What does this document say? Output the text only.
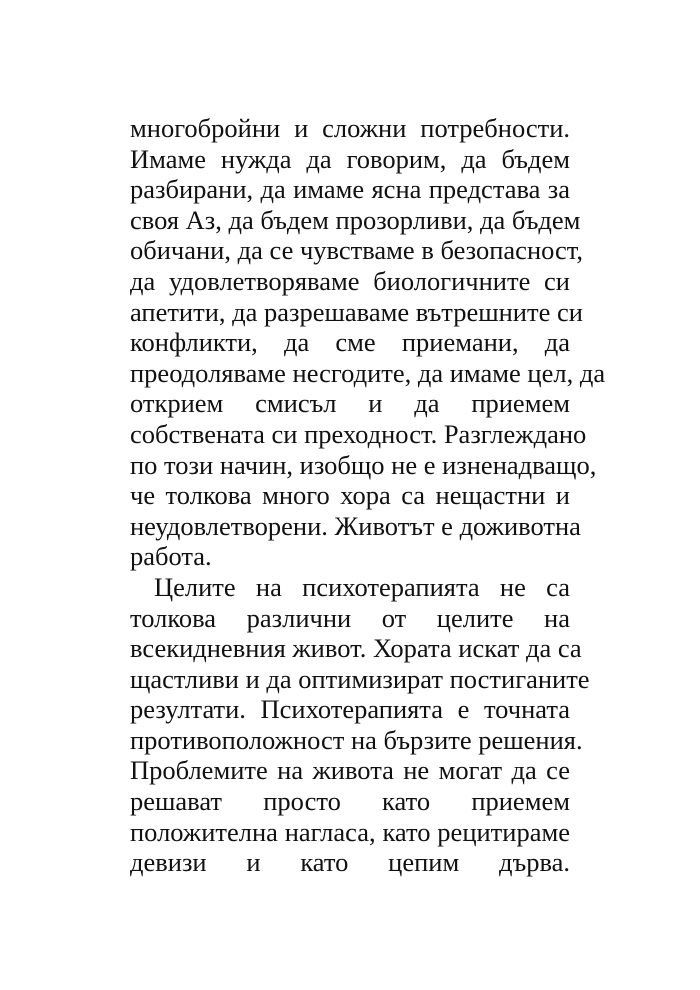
многобройни и сложни потребности.
Имаме нужда да говорим, да бъдем
разбирани, да имаме ясна представа за
своя Аз, да бъдем прозорливи, да бъдем
обичани, да се чувстваме в безопасност,
да удовлетворяваме биологичните си
апетити, да разрешаваме вътрешните си
конфликти, да сме приемани, да
преодоляваме несгодите, да имаме цел, да
открием смисъл и да приемем
собствената си преходност. Разглеждано
по този начин, изобщо не е изненадващо,
че толкова много хора са нещастни и
неудовлетворени. Животът е доживотна
работа.
Целите на психотерапията не са
толкова различни от целите на
всекидневния живот. Хората искат да са
щастливи и да оптимизират постиганите
резултати. Психотерапията е точната
противоположност на бързите решения.
Проблемите на живота не могат да се
решават просто като приемем
положителна нагласа, като рецитираме
девизи и като цепим дърва.
